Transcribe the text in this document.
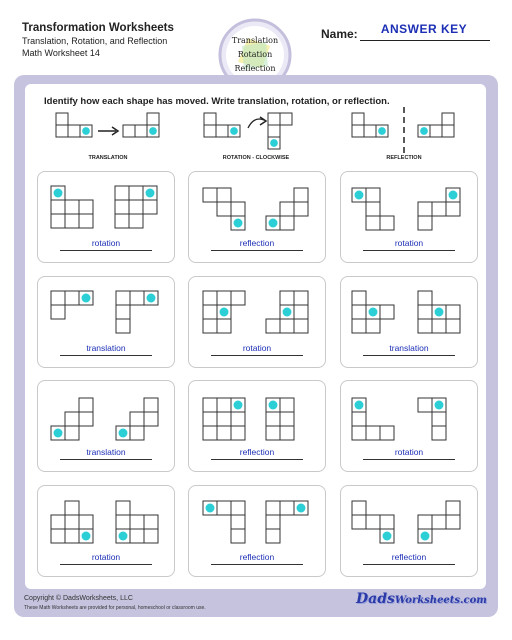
Transformation Worksheets
Translation, Rotation, and Reflection
Math Worksheet 14
Translation
Rotation
Reflection
Name:	ANSWER KEY
Identify how each shape has moved. Write translation, rotation, or reflection.
TRANSLATION	ROTATION - CLOCKWISE	REFLECTION
rotation	reflection	rotation
translation	rotation	translation
translation	reflection	rotation
rotation	reflection	reflection
Copyright © DadsWorksheets, LLC
These Math Worksheets are provided for personal, homeschool or classroom use.
DadsWorksheets.com
